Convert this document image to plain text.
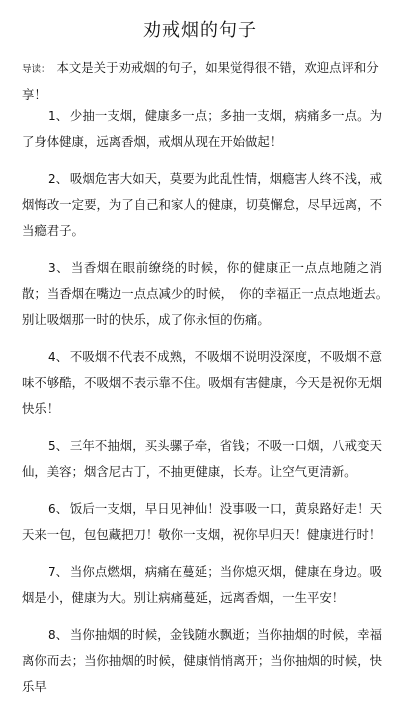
劝戒烟的句子
导读： 本文是关于劝戒烟的句子，如果觉得很不错，欢迎点评和分享！

1、 少抽一支烟，健康多一点；多抽一支烟，病痛多一点。为了身体健康，远离香烟，戒烟从现在开始做起！

2、 吸烟危害大如天，莫要为此乱性情，烟瘾害人终不浅，戒烟悔改一定要，为了自己和家人的健康，切莫懈怠，尽早远离，不当瘾君子。

3、 当香烟在眼前缭绕的时候，你的健康正一点点地随之消散；当香烟在嘴边一点点减少的时候，　你的幸福正一点点地逝去。　别让吸烟那一时的快乐，成了你永恒的伤痛。

4、 不吸烟不代表不成熟，不吸烟不说明没深度，不吸烟不意味不够酷，不吸烟不表示靠不住。吸烟有害健康，今天是祝你无烟快乐！

5、 三年不抽烟，买头骡子牵，省钱；不吸一口烟，八戒变天仙，美容；烟含尼古丁，不抽更健康，长寿。让空气更清新。

6、 饭后一支烟，早日见神仙！没事吸一口，黄泉路好走！天天来一包，包包藏把刀！敬你一支烟，祝你早归天！健康进行时！

7、 当你点燃烟，病痛在蔓延；当你熄灭烟，健康在身边。吸烟是小，健康为大。别让病痛蔓延，远离香烟，一生平安！

8、 当你抽烟的时候，金钱随水飘逝；当你抽烟的时候，幸福离你而去；当你抽烟的时候，健康悄悄离开；当你抽烟的时候，快乐早
